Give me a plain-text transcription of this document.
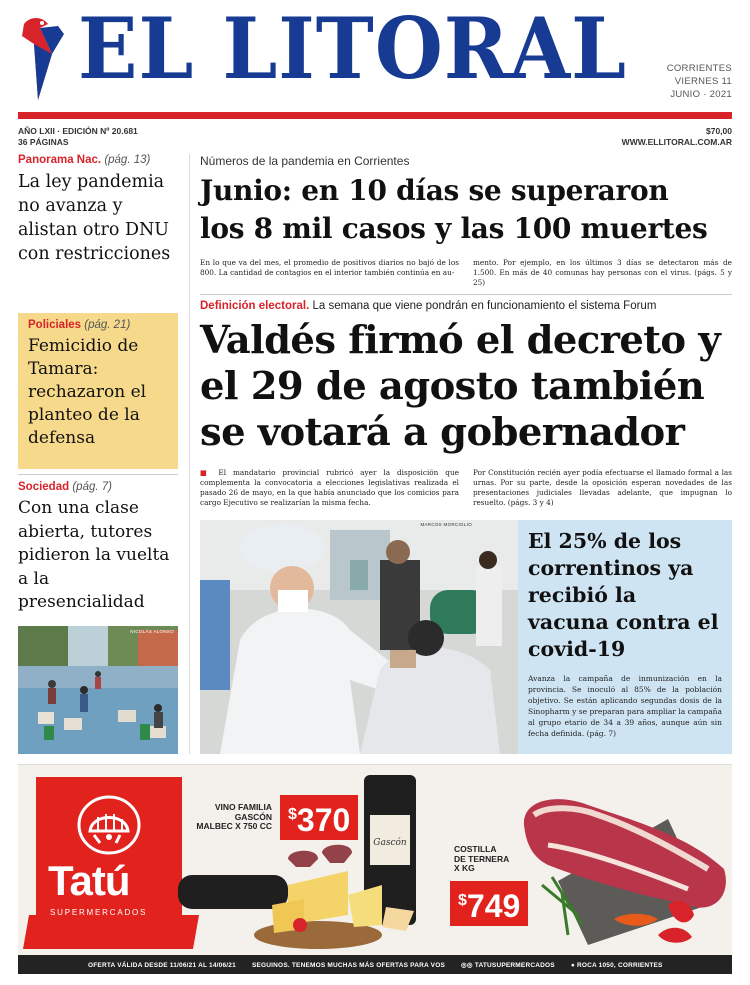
EL LITORAL	CORRIENTES
VIERNES 11
JUNIO · 2021
AÑO LXII · EDICIÓN Nº 20.681
36 PÁGINAS
$70,00
WWW.ELLITORAL.COM.AR
Panorama Nac. (pág. 13)
La ley pandemia no avanza y alistan otro DNU con restricciones
Policiales (pág. 21)
Femicidio de Tamara: rechazaron el planteo de la defensa
Sociedad (pág. 7)
Con una clase abierta, tutores pidieron la vuelta a la presencialidad
NICOLÁS ALONSO
Números de la pandemia en Corrientes
Junio: en 10 días se superaron
los 8 mil casos y las 100 muertes
En lo que va del mes, el promedio de positivos diarios no bajó de los 800. La cantidad de contagios en el interior también continúa en au-
mento. Por ejemplo, en los últimos 3 días se detectaron más de 1.500. En más de 40 comunas hay personas con el virus. (págs. 5 y 25)
Definición electoral. La semana que viene pondrán en funcionamiento el sistema Forum
Valdés firmó el decreto y
el 29 de agosto también
se votará a gobernador
■ El mandatario provincial rubricó ayer la disposición que complementa la convocatoria a elecciones legislativas realizada el pasado 26 de mayo, en la que había anunciado que los comicios para cargo Ejecutivo se realizarían la misma fecha.
Por Constitución recién ayer podía efectuarse el llamado formal a las urnas. Por su parte, desde la oposición esperan novedades de las presentaciones judiciales llevadas adelante, que impugnan lo resuelto. (págs. 3 y 4)
MARCOS MORCIGLIO
El 25% de los correntinos ya recibió la vacuna contra el covid-19
Avanza la campaña de inmunización en la provincia. Se inoculó al 85% de la población objetivo. Se están aplicando segundas dosis de la Sinopharm y se preparan para ampliar la campaña al grupo etario de 34 a 39 años, aunque aún sin fecha definida. (pág. 7)
Tatú
SUPERMERCADOS
VINO FAMILIA
GASCÓN
MALBEC X 750 CC
$370
Gascón
COSTILLA
DE TERNERA
X KG
$749
OFERTA VÁLIDA DESDE 11/06/21 AL 14/06/21 SEGUINOS. TENEMOS MUCHAS MÁS OFERTAS PARA VOS ◎◎ TATUSUPERMERCADOS ● ROCA 1050, CORRIENTES
